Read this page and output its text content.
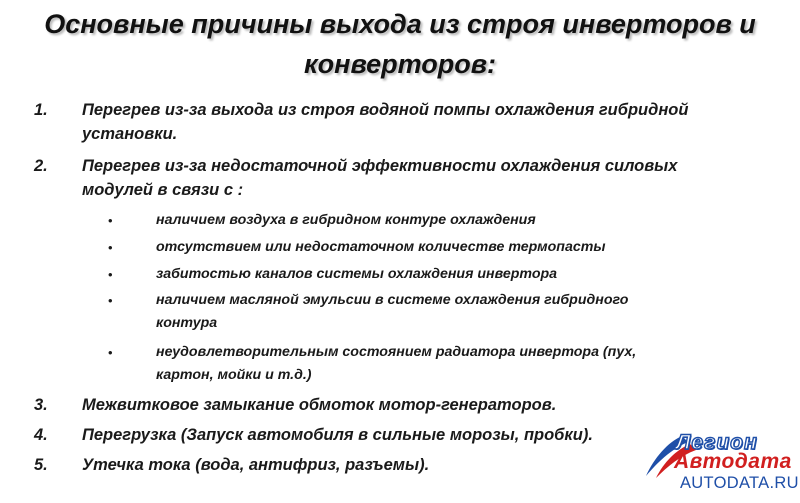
Основные причины выхода из строя инверторов и
конверторов:
1.	Перегрев из-за выхода из строя водяной помпы охлаждения гибридной
установки.
2.	Перегрев из-за недостаточной эффективности охлаждения силовых
модулей в связи с :
•	наличием воздуха в гибридном контуре охлаждения
•	отсутствием или недостаточном количестве термопасты
•	забитостью каналов системы охлаждения инвертора
•	наличием масляной эмульсии в системе охлаждения гибридного
контура
•	неудовлетворительным состоянием радиатора инвертора (пух,
картон, мойки и т.д.)
3.	Межвитковое замыкание обмоток мотор-генераторов.
4.	Перегрузка (Запуск автомобиля в сильные морозы, пробки).
5.	Утечка тока (вода, антифриз, разъемы).
Легион
Автодата
AUTODATA.RU
